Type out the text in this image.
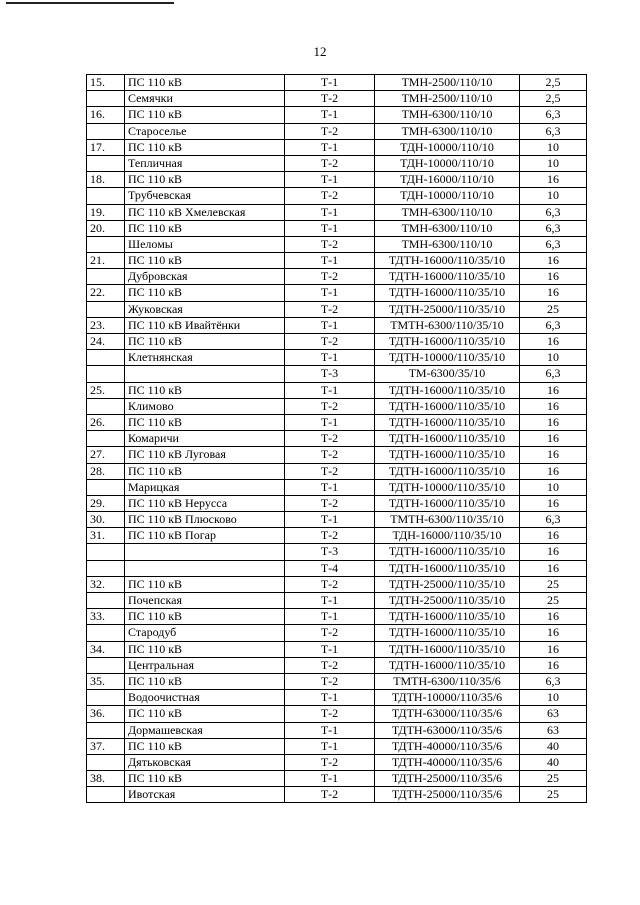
12
15.	ПС 110 кВ	Т-1	ТМН-2500/110/10	2,5
	Семячки	Т-2	ТМН-2500/110/10	2,5
16.	ПС 110 кВ	Т-1	ТМН-6300/110/10	6,3
	Староселье	Т-2	ТМН-6300/110/10	6,3
17.	ПС 110 кВ	Т-1	ТДН-10000/110/10	10
	Тепличная	Т-2	ТДН-10000/110/10	10
18.	ПС 110 кВ	Т-1	ТДН-16000/110/10	16
	Трубчевская	Т-2	ТДН-10000/110/10	10
19.	ПС 110 кВ Хмелевская	Т-1	ТМН-6300/110/10	6,3
20.	ПС 110 кВ	Т-1	ТМН-6300/110/10	6,3
	Шеломы	Т-2	ТМН-6300/110/10	6,3
21.	ПС 110 кВ	Т-1	ТДТН-16000/110/35/10	16
	Дубровская	Т-2	ТДТН-16000/110/35/10	16
22.	ПС 110 кВ	Т-1	ТДТН-16000/110/35/10	16
	Жуковская	Т-2	ТДТН-25000/110/35/10	25
23.	ПС 110 кВ Ивайтёнки	Т-1	ТМТН-6300/110/35/10	6,3
24.	ПС 110 кВ	Т-2	ТДТН-16000/110/35/10	16
	Клетнянская	Т-1	ТДТН-10000/110/35/10	10
		Т-3	ТМ-6300/35/10	6,3
25.	ПС 110 кВ	Т-1	ТДТН-16000/110/35/10	16
	Климово	Т-2	ТДТН-16000/110/35/10	16
26.	ПС 110 кВ	Т-1	ТДТН-16000/110/35/10	16
	Комаричи	Т-2	ТДТН-16000/110/35/10	16
27.	ПС 110 кВ Луговая	Т-2	ТДТН-16000/110/35/10	16
28.	ПС 110 кВ	Т-2	ТДТН-16000/110/35/10	16
	Марицкая	Т-1	ТДТН-10000/110/35/10	10
29.	ПС 110 кВ Нерусса	Т-2	ТДТН-16000/110/35/10	16
30.	ПС 110 кВ Плюсково	Т-1	ТМТН-6300/110/35/10	6,3
31.	ПС 110 кВ Погар	Т-2	ТДН-16000/110/35/10	16
		Т-3	ТДТН-16000/110/35/10	16
		Т-4	ТДТН-16000/110/35/10	16
32.	ПС 110 кВ	Т-2	ТДТН-25000/110/35/10	25
	Почепская	Т-1	ТДТН-25000/110/35/10	25
33.	ПС 110 кВ	Т-1	ТДТН-16000/110/35/10	16
	Стародуб	Т-2	ТДТН-16000/110/35/10	16
34.	ПС 110 кВ	Т-1	ТДТН-16000/110/35/10	16
	Центральная	Т-2	ТДТН-16000/110/35/10	16
35.	ПС 110 кВ	Т-2	ТМТН-6300/110/35/6	6,3
	Водоочистная	Т-1	ТДТН-10000/110/35/6	10
36.	ПС 110 кВ	Т-2	ТДТН-63000/110/35/6	63
	Дормашевская	Т-1	ТДТН-63000/110/35/6	63
37.	ПС 110 кВ	Т-1	ТДТН-40000/110/35/6	40
	Дятьковская	Т-2	ТДТН-40000/110/35/6	40
38.	ПС 110 кВ	Т-1	ТДТН-25000/110/35/6	25
	Ивотская	Т-2	ТДТН-25000/110/35/6	25
